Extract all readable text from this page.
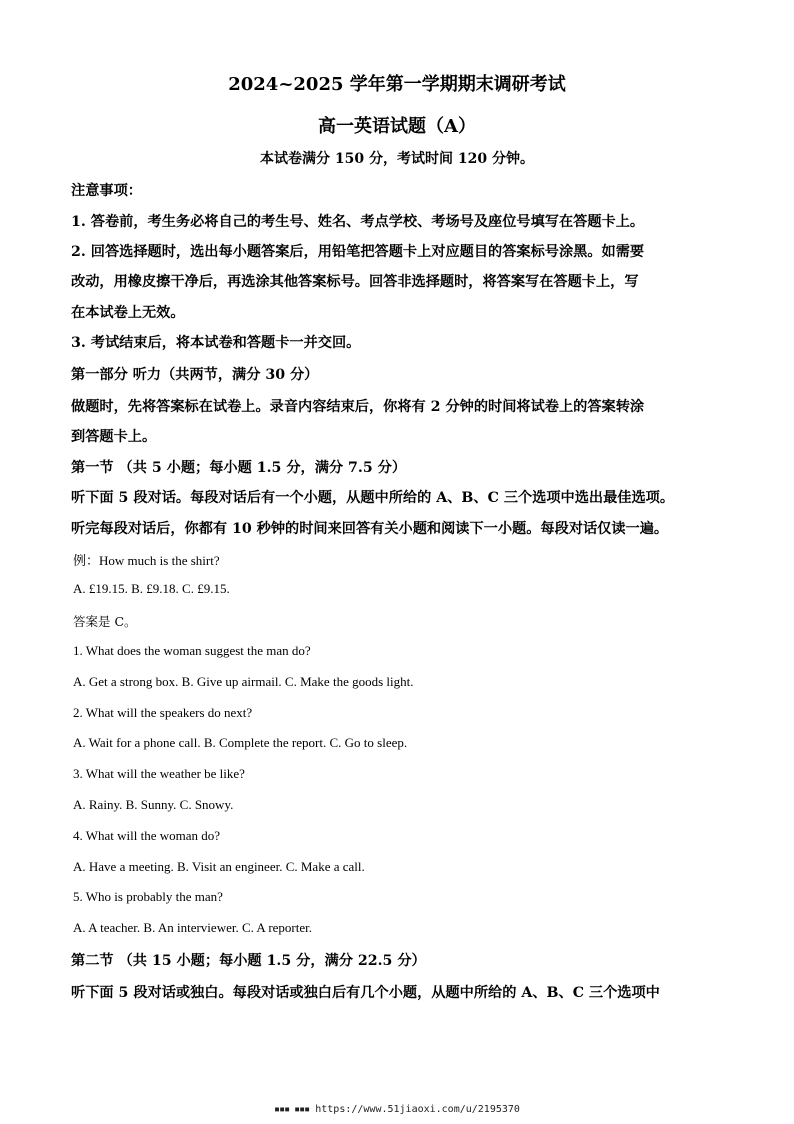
2024~2025 学年第一学期期末调研考试
高一英语试题（A）
本试卷满分 150 分，考试时间 120 分钟。
注意事项：
1. 答卷前，考生务必将自己的考生号、姓名、考点学校、考场号及座位号填写在答题卡上。
2. 回答选择题时，选出每小题答案后，用铅笔把答题卡上对应题目的答案标号涂黑。如需要
改动，用橡皮擦干净后，再选涂其他答案标号。回答非选择题时，将答案写在答题卡上，写
在本试卷上无效。
3. 考试结束后，将本试卷和答题卡一并交回。
第一部分 听力（共两节，满分 30 分）
做题时，先将答案标在试卷上。录音内容结束后，你将有 2 分钟的时间将试卷上的答案转涂
到答题卡上。
第一节 （共 5 小题；每小题 1.5 分，满分 7.5 分）
听下面 5 段对话。每段对话后有一个小题，从题中所给的 A、B、C 三个选项中选出最佳选项。
听完每段对话后，你都有 10 秒钟的时间来回答有关小题和阅读下一小题。每段对话仅读一遍。
例：How much is the shirt?
A. £19.15. B. £9.18. C. £9.15.
答案是 C。
1. What does the woman suggest the man do?
A. Get a strong box. B. Give up airmail. C. Make the goods light.
2. What will the speakers do next?
A. Wait for a phone call. B. Complete the report. C. Go to sleep.
3. What will the weather be like?
A. Rainy. B. Sunny. C. Snowy.
4. What will the woman do?
A. Have a meeting. B. Visit an engineer. C. Make a call.
5. Who is probably the man?
A. A teacher. B. An interviewer. C. A reporter.
第二节 （共 15 小题；每小题 1.5 分，满分 22.5 分）
听下面 5 段对话或独白。每段对话或独白后有几个小题，从题中所给的 A、B、C 三个选项中
▪▪▪ ▪▪▪ https://www.51jiaoxi.com/u/2195370
